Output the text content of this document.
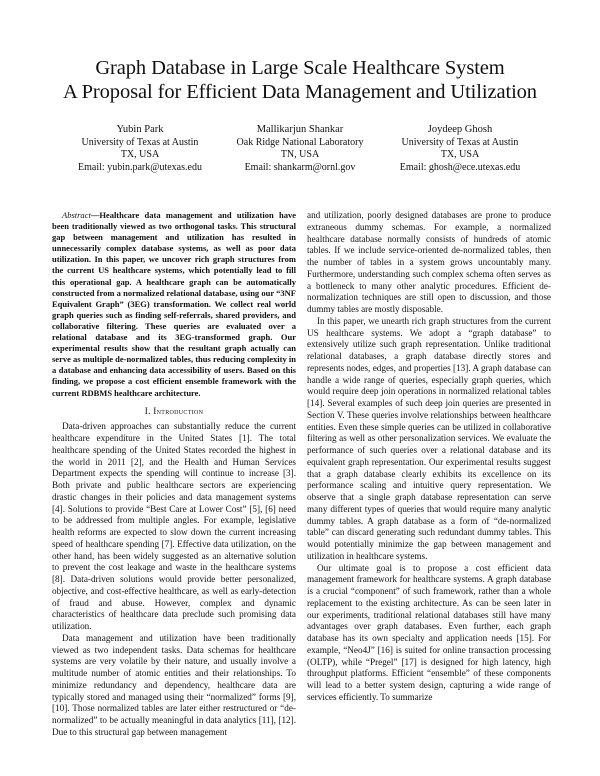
Graph Database in Large Scale Healthcare System
A Proposal for Efficient Data Management and Utilization
Yubin Park
University of Texas at Austin
TX, USA
Email: yubin.park@utexas.edu
Mallikarjun Shankar
Oak Ridge National Laboratory
TN, USA
Email: shankarm@ornl.gov
Joydeep Ghosh
University of Texas at Austin
TX, USA
Email: ghosh@ece.utexas.edu

Abstract—Healthcare data management and utilization have been traditionally viewed as two orthogonal tasks. This structural gap between management and utilization has resulted in unnecessarily complex database systems, as well as poor data utilization. In this paper, we uncover rich graph structures from the current US healthcare systems, which potentially lead to fill this operational gap. A healthcare graph can be automatically constructed from a normalized relational database, using our “3NF Equivalent Graph” (3EG) transformation. We collect real world graph queries such as finding self-referrals, shared providers, and collaborative filtering. These queries are evaluated over a relational database and its 3EG-transformed graph. Our experimental results show that the resultant graph actually can serve as multiple de-normalized tables, thus reducing complexity in a database and enhancing data accessibility of users. Based on this finding, we propose a cost efficient ensemble framework with the current RDBMS healthcare architecture.

I. Introduction

Data-driven approaches can substantially reduce the current healthcare expenditure in the United States [1]. The total healthcare spending of the United States recorded the highest in the world in 2011 [2], and the Health and Human Services Department expects the spending will continue to increase [3]. Both private and public healthcare sectors are experiencing drastic changes in their policies and data management systems [4]. Solutions to provide “Best Care at Lower Cost” [5], [6] need to be addressed from multiple angles. For example, legislative health reforms are expected to slow down the current increasing speed of healthcare spending [7]. Effective data utilization, on the other hand, has been widely suggested as an alternative solution to prevent the cost leakage and waste in the healthcare systems [8]. Data-driven solutions would provide better personalized, objective, and cost-effective healthcare, as well as early-detection of fraud and abuse. However, complex and dynamic characteristics of healthcare data preclude such promising data utilization.

Data management and utilization have been traditionally viewed as two independent tasks. Data schemas for healthcare systems are very volatile by their nature, and usually involve a multitude number of atomic entities and their relationships. To minimize redundancy and dependency, healthcare data are typically stored and managed using their “normalized” forms [9], [10]. Those normalized tables are later either restructured or “de-normalized” to be actually meaningful in data analytics [11], [12]. Due to this structural gap between management

and utilization, poorly designed databases are prone to produce extraneous dummy schemas. For example, a normalized healthcare database normally consists of hundreds of atomic tables. If we include service-oriented de-normalized tables, then the number of tables in a system grows uncountably many. Furthermore, understanding such complex schema often serves as a bottleneck to many other analytic procedures. Efficient de-normalization techniques are still open to discussion, and those dummy tables are mostly disposable.

In this paper, we unearth rich graph structures from the current US healthcare systems. We adopt a “graph database” to extensively utilize such graph representation. Unlike traditional relational databases, a graph database directly stores and represents nodes, edges, and properties [13]. A graph database can handle a wide range of queries, especially graph queries, which would require deep join operations in normalized relational tables [14]. Several examples of such deep join queries are presented in Section V. These queries involve relationships between healthcare entities. Even these simple queries can be utilized in collaborative filtering as well as other personalization services. We evaluate the performance of such queries over a relational database and its equivalent graph representation. Our experimental results suggest that a graph database clearly exhibits its excellence on its performance scaling and intuitive query representation. We observe that a single graph database representation can serve many different types of queries that would require many analytic dummy tables. A graph database as a form of “de-normalized table” can discard generating such redundant dummy tables. This would potentially minimize the gap between management and utilization in healthcare systems.

Our ultimate goal is to propose a cost efficient data management framework for healthcare systems. A graph database is a crucial “component” of such framework, rather than a whole replacement to the existing architecture. As can be seen later in our experiments, traditional relational databases still have many advantages over graph databases. Even further, each graph database has its own specialty and application needs [15]. For example, “Neo4J” [16] is suited for online transaction processing (OLTP), while “Pregel” [17] is designed for high latency, high throughput platforms. Efficient “ensemble” of these components will lead to a better system design, capturing a wide range of services efficiently. To summarize
